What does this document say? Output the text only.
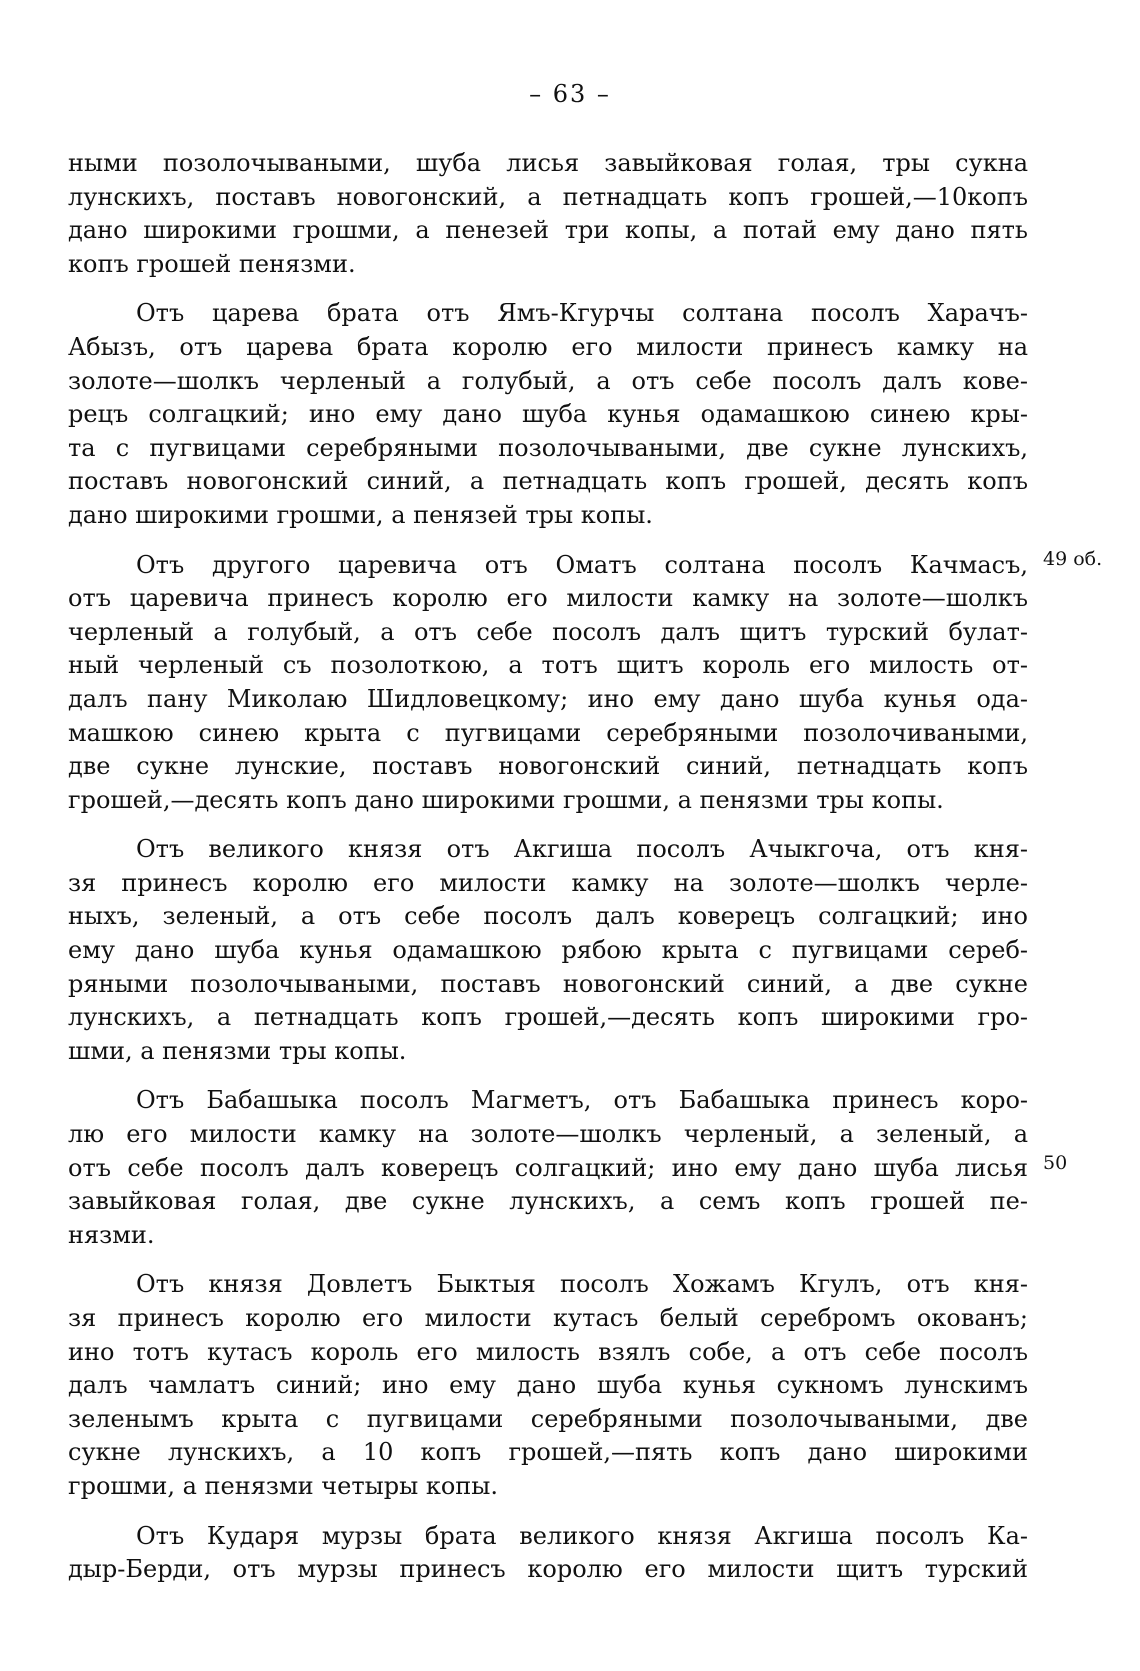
– 63 –
49 об.
50
ными позолочываными, шуба лисья завыйковая голая, тры сукна
лунскихъ, поставъ новогонский, а петнадцать копъ грошей,—10копъ
дано широкими грошми, а пенезей три копы, а потай ему дано пять
копъ грошей пенязми.
Отъ царева брата отъ Ямъ-Кгурчы солтана посолъ Харачъ-
Абызъ, отъ царева брата королю его милости принесъ камку на
золоте—шолкъ черленый а голубый, а отъ себе посолъ далъ кове-
рецъ солгацкий; ино ему дано шуба кунья одамашкою синею кры-
та с пугвицами серебряными позолочываными, две сукне лунскихъ,
поставъ новогонский синий, а петнадцать копъ грошей, десять копъ
дано широкими грошми, а пенязей тры копы.
Отъ другого царевича отъ Оматъ солтана посолъ Качмасъ,
отъ царевича принесъ королю его милости камку на золоте—шолкъ
черленый а голубый, а отъ себе посолъ далъ щитъ турский булат-
ный черленый съ позолоткою, а тотъ щитъ король его милость от-
далъ пану Миколаю Шидловецкому; ино ему дано шуба кунья ода-
машкою синею крыта с пугвицами серебряными позолочиваными,
две сукне лунские, поставъ новогонский синий, петнадцать копъ
грошей,—десять копъ дано широкими грошми, а пенязми тры копы.
Отъ великого князя отъ Акгиша посолъ Ачыкгоча, отъ кня-
зя принесъ королю его милости камку на золоте—шолкъ черле-
ныхъ, зеленый, а отъ себе посолъ далъ коверецъ солгацкий; ино
ему дано шуба кунья одамашкою рябою крыта с пугвицами сереб-
ряными позолочываными, поставъ новогонский синий, а две сукне
лунскихъ, а петнадцать копъ грошей,—десять копъ широкими гро-
шми, а пенязми тры копы.
Отъ Бабашыка посолъ Магметъ, отъ Бабашыка принесъ коро-
лю его милости камку на золоте—шолкъ черленый, а зеленый, а
отъ себе посолъ далъ коверецъ солгацкий; ино ему дано шуба лисья
завыйковая голая, две сукне лунскихъ, а семъ копъ грошей пе-
нязми.
Отъ князя Довлетъ Быктыя посолъ Хожамъ Кгулъ, отъ кня-
зя принесъ королю его милости кутасъ белый серебромъ окованъ;
ино тотъ кутасъ король его милость взялъ собе, а отъ себе посолъ
далъ чамлатъ синий; ино ему дано шуба кунья сукномъ лунскимъ
зеленымъ крыта с пугвицами серебряными позолочываными, две
сукне лунскихъ, а 10 копъ грошей,—пять копъ дано широкими
грошми, а пенязми четыры копы.
Отъ Кударя мурзы брата великого князя Акгиша посолъ Ка-
дыр-Берди, отъ мурзы принесъ королю его милости щитъ турский
